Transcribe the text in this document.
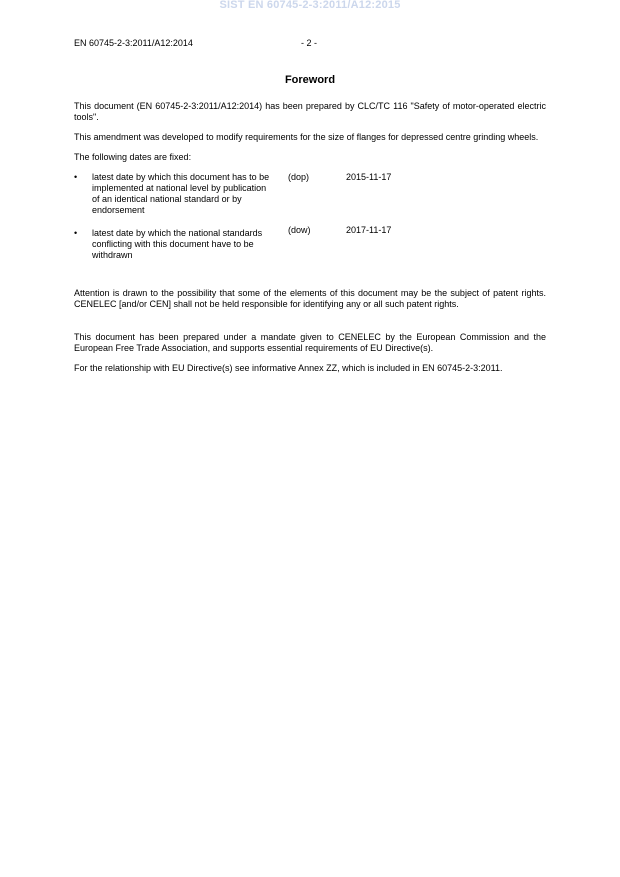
SIST EN 60745-2-3:2011/A12:2015
EN 60745-2-3:2011/A12:2014	- 2 -
Foreword

This document (EN 60745-2-3:2011/A12:2014) has been prepared by CLC/TC 116 "Safety of motor-operated electric tools".

This amendment was developed to modify requirements for the size of flanges for depressed centre grinding wheels.

The following dates are fixed:

• latest date by which this document has to be implemented at national level by publication of an identical national standard or by endorsement
(dop)	2015-11-17
• latest date by which the national standards conflicting with this document have to be withdrawn
(dow)	2017-11-17

Attention is drawn to the possibility that some of the elements of this document may be the subject of patent rights. CENELEC [and/or CEN] shall not be held responsible for identifying any or all such patent rights.

This document has been prepared under a mandate given to CENELEC by the European Commission and the European Free Trade Association, and supports essential requirements of EU Directive(s).

For the relationship with EU Directive(s) see informative Annex ZZ, which is included in EN 60745-2-3:2011.
